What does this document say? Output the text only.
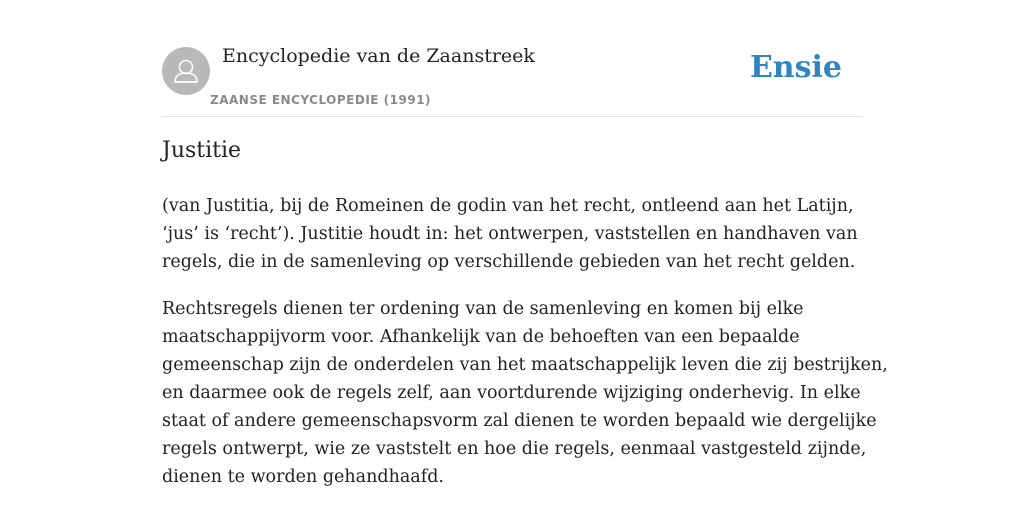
Encyclopedie van de Zaanstreek
ZAANSE ENCYCLOPEDIE (1991)
Ensie
Justitie

(van Justitia, bij de Romeinen de godin van het recht, ontleend aan het Latijn,
‘jus’ is ‘recht’). Justitie houdt in: het ontwerpen, vaststellen en handhaven van
regels, die in de samenleving op verschillende gebieden van het recht gelden.

Rechtsregels dienen ter ordening van de samenleving en komen bij elke
maatschappijvorm voor. Afhankelijk van de behoeften van een bepaalde
gemeenschap zijn de onderdelen van het maatschappelijk leven die zij bestrijken,
en daarmee ook de regels zelf, aan voortdurende wijziging onderhevig. In elke
staat of andere gemeenschapsvorm zal dienen te worden bepaald wie dergelijke
regels ontwerpt, wie ze vaststelt en hoe die regels, eenmaal vastgesteld zijnde,
dienen te worden gehandhaafd.
